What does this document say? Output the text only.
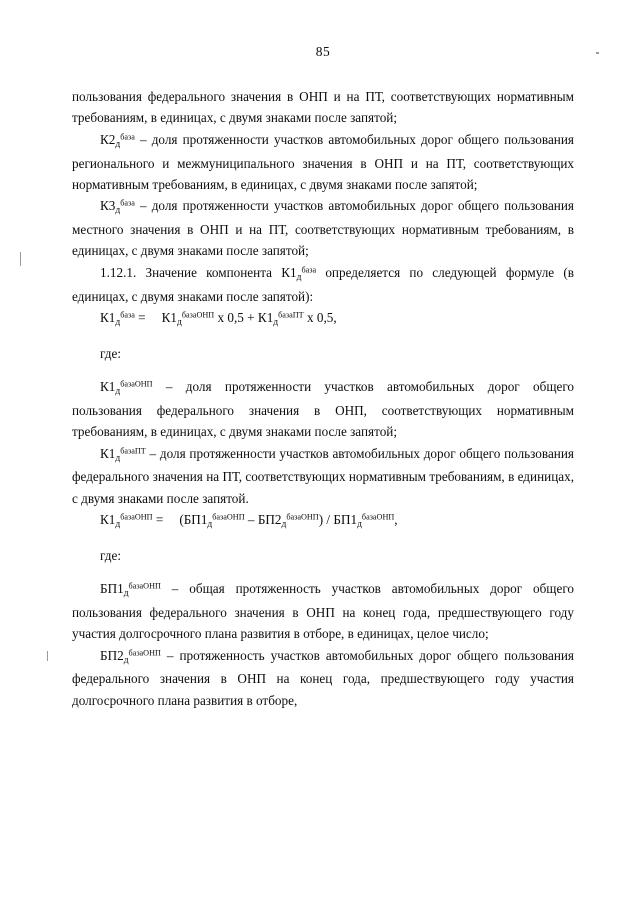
85

пользования федерального значения в ОНП и на ПТ, соответствующих нормативным требованиям, в единицах, с двумя знаками после запятой;

$К2_д^{база}$ – доля протяженности участков автомобильных дорог общего пользования регионального и межмуниципального значения в ОНП и на ПТ, соответствующих нормативным требованиям, в единицах, с двумя знаками после запятой;

$К3_д^{база}$ – доля протяженности участков автомобильных дорог общего пользования местного значения в ОНП и на ПТ, соответствующих нормативным требованиям, в единицах, с двумя знаками после запятой;

1.12.1. Значение компонента $К1_д^{база}$ определяется по следующей формуле (в единицах, с двумя знаками после запятой):

$К1_д^{база} = К1_д^{базаОНП}$ х $0,5 + К1_д^{базаПТ}$ х 0,5,

где:

$К1_д^{базаОНП}$ – доля протяженности участков автомобильных дорог общего пользования федерального значения в ОНП, соответствующих нормативным требованиям, в единицах, с двумя знаками после запятой;

$К1_д^{базаПТ}$ – доля протяженности участков автомобильных дорог общего пользования федерального значения на ПТ, соответствующих нормативным требованиям, в единицах, с двумя знаками после запятой.

$К1_д^{базаОНП} = (БП1_д^{базаОНП} - БП2_д^{базаОНП}) / БП1_д^{базаОНП}$,

где:

$БП1_д^{базаОНП}$ – общая протяженность участков автомобильных дорог общего пользования федерального значения в ОНП на конец года, предшествующего году участия долгосрочного плана развития в отборе, в единицах, целое число;

$БП2_д^{базаОНП}$ – протяженность участков автомобильных дорог общего пользования федерального значения в ОНП на конец года, предшествующего году участия долгосрочного плана развития в отборе,
